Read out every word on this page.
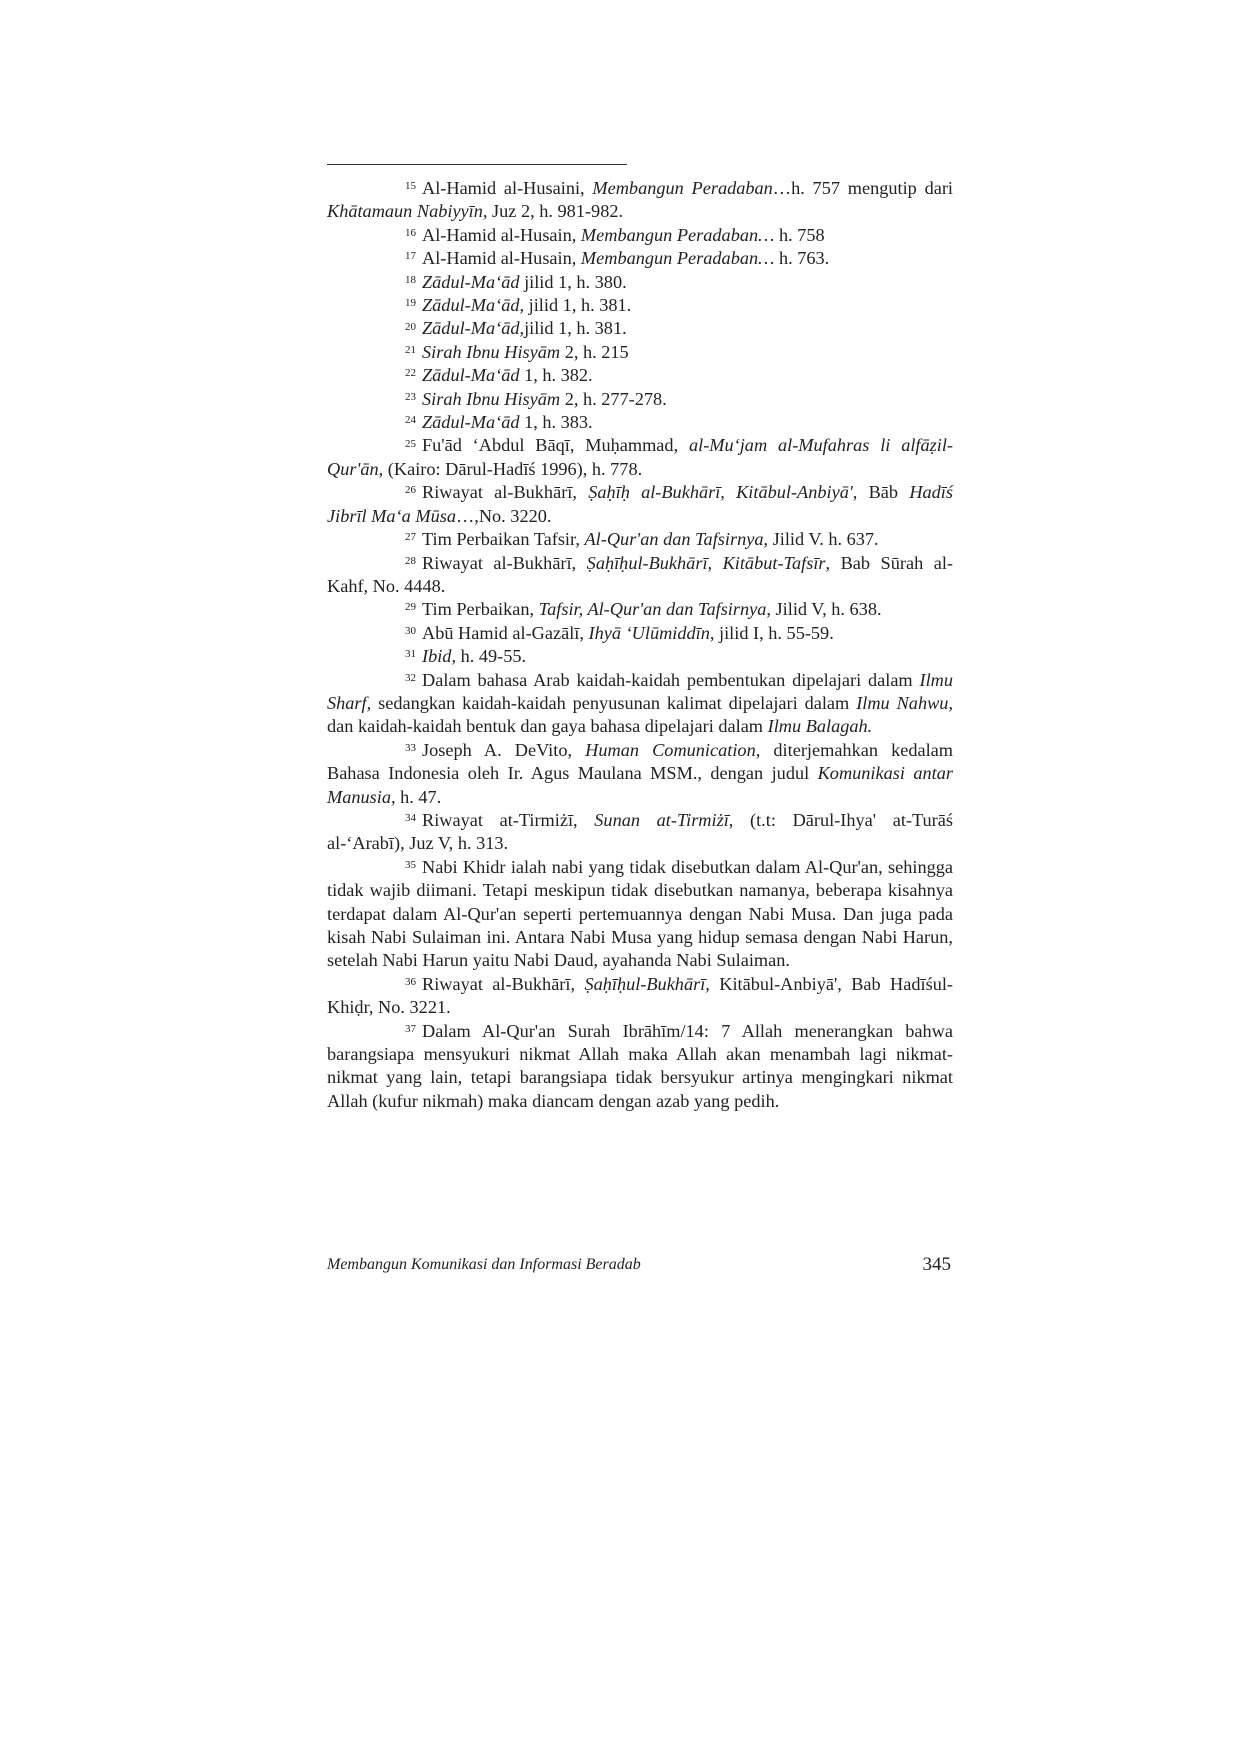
$^{15}$ Al-Hamid al-Husaini, Membangun Peradaban…h. 757 mengutip dari Khātamaun Nabiyyīn, Juz 2, h. 981-982.

$^{16}$ Al-Hamid al-Husain, Membangun Peradaban… h. 758

$^{17}$ Al-Hamid al-Husain, Membangun Peradaban… h. 763.

$^{18}$ Zādul-Ma‘ād jilid 1, h. 380.

$^{19}$ Zādul-Ma‘ād, jilid 1, h. 381.

$^{20}$ Zādul-Ma‘ād,jilid 1, h. 381.

$^{21}$ Sirah Ibnu Hisyām 2, h. 215

$^{22}$ Zādul-Ma‘ād 1, h. 382.

$^{23}$ Sirah Ibnu Hisyām 2, h. 277-278.

$^{24}$ Zādul-Ma‘ād 1, h. 383.

$^{25}$ Fu'ād ‘Abdul Bāqī, Muḥammad, al-Mu‘jam al-Mufahras li alfāẓil-Qur'ān, (Kairo: Dārul-Hadīś 1996), h. 778.

$^{26}$ Riwayat al-Bukhārī, Ṣaḥīḥ al-Bukhārī, Kitābul-Anbiyā', Bāb Hadīś Jibrīl Ma‘a Mūsa…,No. 3220.

$^{27}$ Tim Perbaikan Tafsir, Al-Qur'an dan Tafsirnya, Jilid V. h. 637.

$^{28}$ Riwayat al-Bukhārī, Ṣaḥīḥul-Bukhārī, Kitābut-Tafsīr, Bab Sūrah al-Kahf, No. 4448.

$^{29}$ Tim Perbaikan, Tafsir, Al-Qur'an dan Tafsirnya, Jilid V, h. 638.

$^{30}$ Abū Hamid al-Gazālī, Ihyā ‘Ulūmiddīn, jilid I, h. 55-59.

$^{31}$ Ibid, h. 49-55.

$^{32}$ Dalam bahasa Arab kaidah-kaidah pembentukan dipelajari dalam Ilmu Sharf, sedangkan kaidah-kaidah penyusunan kalimat dipelajari dalam Ilmu Nahwu, dan kaidah-kaidah bentuk dan gaya bahasa dipelajari dalam Ilmu Balagah.

$^{33}$ Joseph A. DeVito, Human Comunication, diterjemahkan kedalam Bahasa Indonesia oleh Ir. Agus Maulana MSM., dengan judul Komunikasi antar Manusia, h. 47.

$^{34}$ Riwayat at-Tirmiżī, Sunan at-Tirmiżī, (t.t: Dārul-Ihya' at-Turāś al-‘Arabī), Juz V, h. 313.

$^{35}$ Nabi Khidr ialah nabi yang tidak disebutkan dalam Al-Qur'an, sehingga tidak wajib diimani. Tetapi meskipun tidak disebutkan namanya, beberapa kisahnya terdapat dalam Al-Qur'an seperti pertemuannya dengan Nabi Musa. Dan juga pada kisah Nabi Sulaiman ini. Antara Nabi Musa yang hidup semasa dengan Nabi Harun, setelah Nabi Harun yaitu Nabi Daud, ayahanda Nabi Sulaiman.

$^{36}$ Riwayat al-Bukhārī, Ṣaḥīḥul-Bukhārī, Kitābul-Anbiyā', Bab Hadīśul-Khiḍr, No. 3221.

$^{37}$ Dalam Al-Qur'an Surah Ibrāhīm/14: 7 Allah menerangkan bahwa barangsiapa mensyukuri nikmat Allah maka Allah akan menambah lagi nikmat-nikmat yang lain, tetapi barangsiapa tidak bersyukur artinya mengingkari nikmat Allah (kufur nikmah) maka diancam dengan azab yang pedih.

Membangun Komunikasi dan Informasi Beradab	345
